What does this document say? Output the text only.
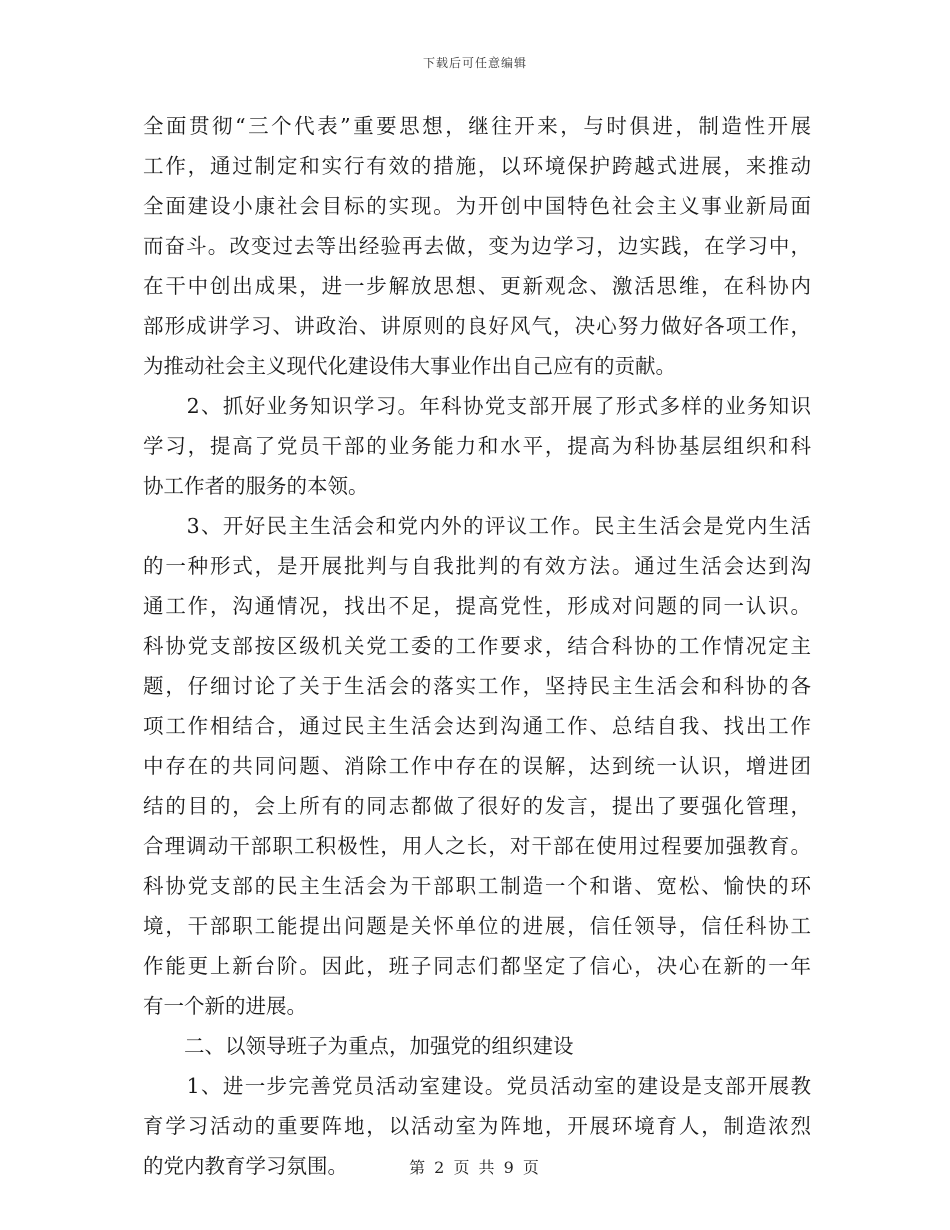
下载后可任意编辑
全面贯彻“三个代表”重要思想，继往开来，与时俱进，制造性开展
工作，通过制定和实行有效的措施，以环境保护跨越式进展，来推动
全面建设小康社会目标的实现。为开创中国特色社会主义事业新局面
而奋斗。改变过去等出经验再去做，变为边学习，边实践，在学习中，
在干中创出成果，进一步解放思想、更新观念、激活思维，在科协内
部形成讲学习、讲政治、讲原则的良好风气，决心努力做好各项工作，
为推动社会主义现代化建设伟大事业作出自己应有的贡献。
　　2、抓好业务知识学习。年科协党支部开展了形式多样的业务知识
学习，提高了党员干部的业务能力和水平，提高为科协基层组织和科
协工作者的服务的本领。
　　3、开好民主生活会和党内外的评议工作。民主生活会是党内生活
的一种形式，是开展批判与自我批判的有效方法。通过生活会达到沟
通工作，沟通情况，找出不足，提高党性，形成对问题的同一认识。
科协党支部按区级机关党工委的工作要求，结合科协的工作情况定主
题，仔细讨论了关于生活会的落实工作，坚持民主生活会和科协的各
项工作相结合，通过民主生活会达到沟通工作、总结自我、找出工作
中存在的共同问题、消除工作中存在的误解，达到统一认识，增进团
结的目的，会上所有的同志都做了很好的发言，提出了要强化管理，
合理调动干部职工积极性，用人之长，对干部在使用过程要加强教育。
科协党支部的民主生活会为干部职工制造一个和谐、宽松、愉快的环
境，干部职工能提出问题是关怀单位的进展，信任领导，信任科协工
作能更上新台阶。因此，班子同志们都坚定了信心，决心在新的一年
有一个新的进展。
　　二、以领导班子为重点，加强党的组织建设
　　1、进一步完善党员活动室建设。党员活动室的建设是支部开展教
育学习活动的重要阵地，以活动室为阵地，开展环境育人，制造浓烈
的党内教育学习氛围。	第 2 页 共 9 页
